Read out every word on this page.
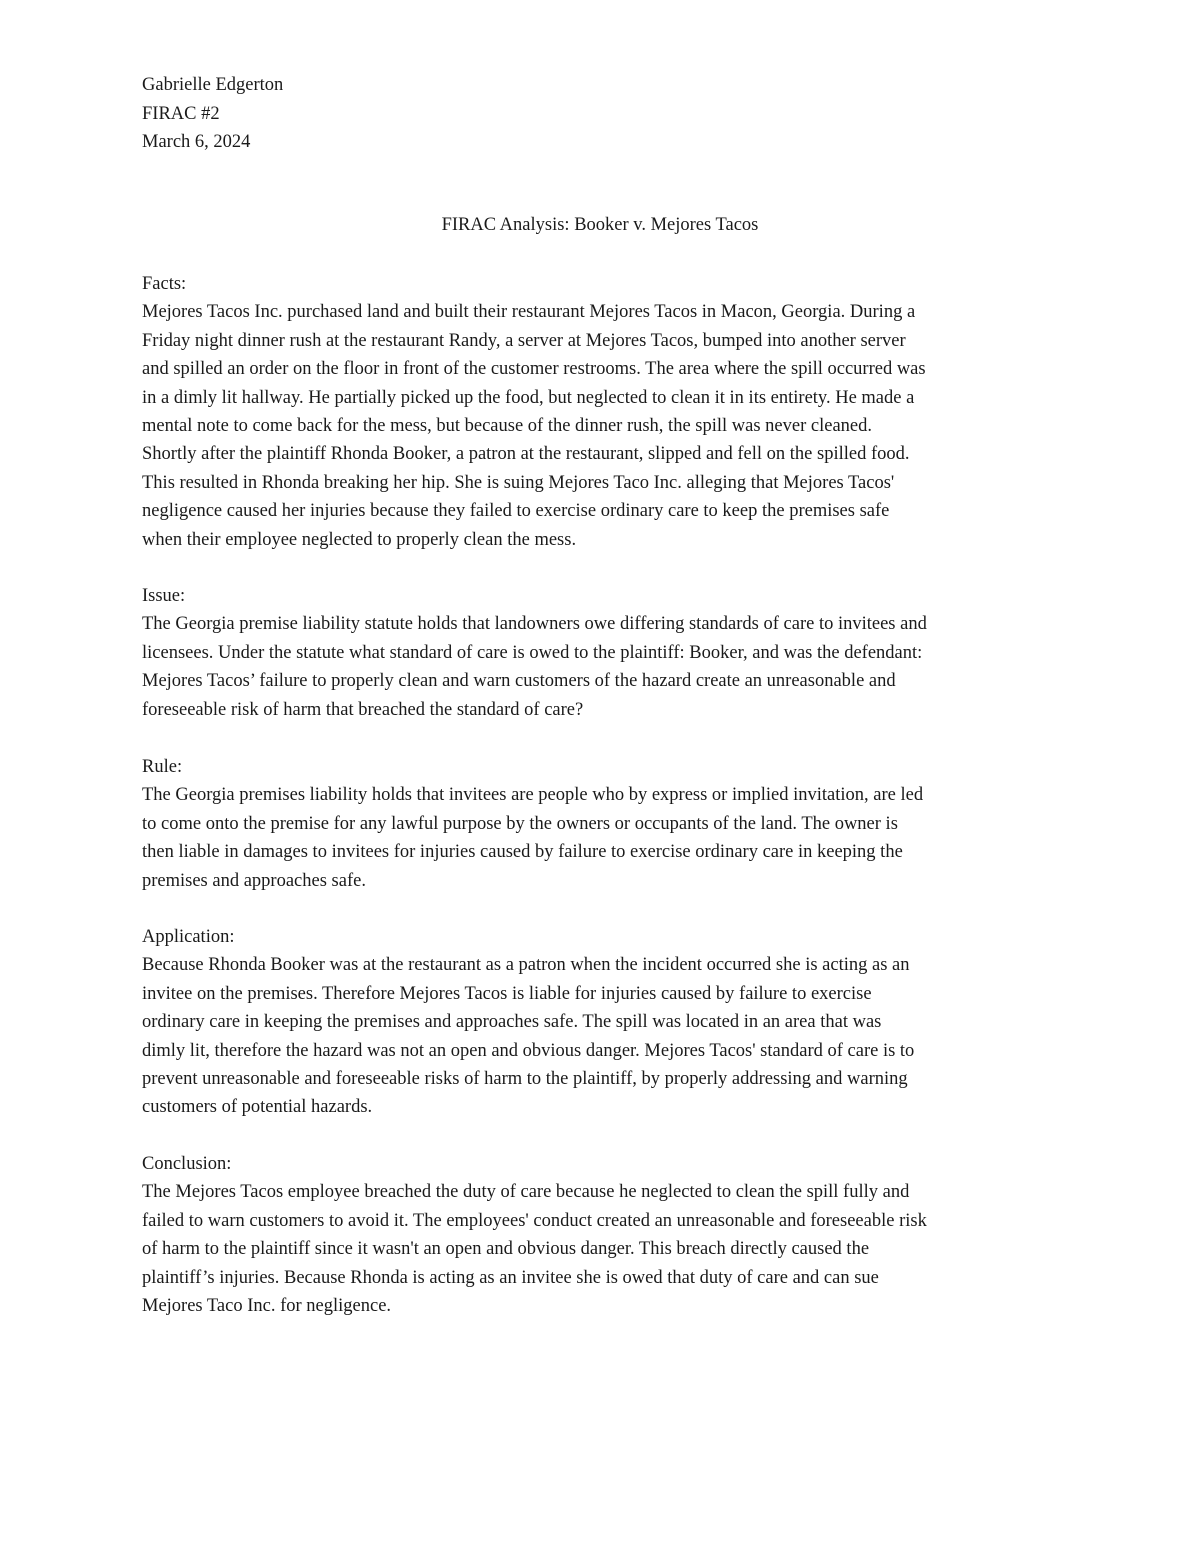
Gabrielle Edgerton
FIRAC #2
March 6, 2024
FIRAC Analysis: Booker v. Mejores Tacos
Facts:
Mejores Tacos Inc. purchased land and built their restaurant Mejores Tacos in Macon, Georgia. During a
Friday night dinner rush at the restaurant Randy, a server at Mejores Tacos, bumped into another server
and spilled an order on the floor in front of the customer restrooms. The area where the spill occurred was
in a dimly lit hallway. He partially picked up the food, but neglected to clean it in its entirety. He made a
mental note to come back for the mess, but because of the dinner rush, the spill was never cleaned.
Shortly after the plaintiff Rhonda Booker, a patron at the restaurant, slipped and fell on the spilled food.
This resulted in Rhonda breaking her hip. She is suing Mejores Taco Inc. alleging that Mejores Tacos'
negligence caused her injuries because they failed to exercise ordinary care to keep the premises safe
when their employee neglected to properly clean the mess.
Issue:
The Georgia premise liability statute holds that landowners owe differing standards of care to invitees and
licensees. Under the statute what standard of care is owed to the plaintiff: Booker, and was the defendant:
Mejores Tacos’ failure to properly clean and warn customers of the hazard create an unreasonable and
foreseeable risk of harm that breached the standard of care?
Rule:
The Georgia premises liability holds that invitees are people who by express or implied invitation, are led
to come onto the premise for any lawful purpose by the owners or occupants of the land. The owner is
then liable in damages to invitees for injuries caused by failure to exercise ordinary care in keeping the
premises and approaches safe.
Application:
Because Rhonda Booker was at the restaurant as a patron when the incident occurred she is acting as an
invitee on the premises. Therefore Mejores Tacos is liable for injuries caused by failure to exercise
ordinary care in keeping the premises and approaches safe. The spill was located in an area that was
dimly lit, therefore the hazard was not an open and obvious danger. Mejores Tacos' standard of care is to
prevent unreasonable and foreseeable risks of harm to the plaintiff, by properly addressing and warning
customers of potential hazards.
Conclusion:
The Mejores Tacos employee breached the duty of care because he neglected to clean the spill fully and
failed to warn customers to avoid it. The employees' conduct created an unreasonable and foreseeable risk
of harm to the plaintiff since it wasn't an open and obvious danger. This breach directly caused the
plaintiff’s injuries. Because Rhonda is acting as an invitee she is owed that duty of care and can sue
Mejores Taco Inc. for negligence.
